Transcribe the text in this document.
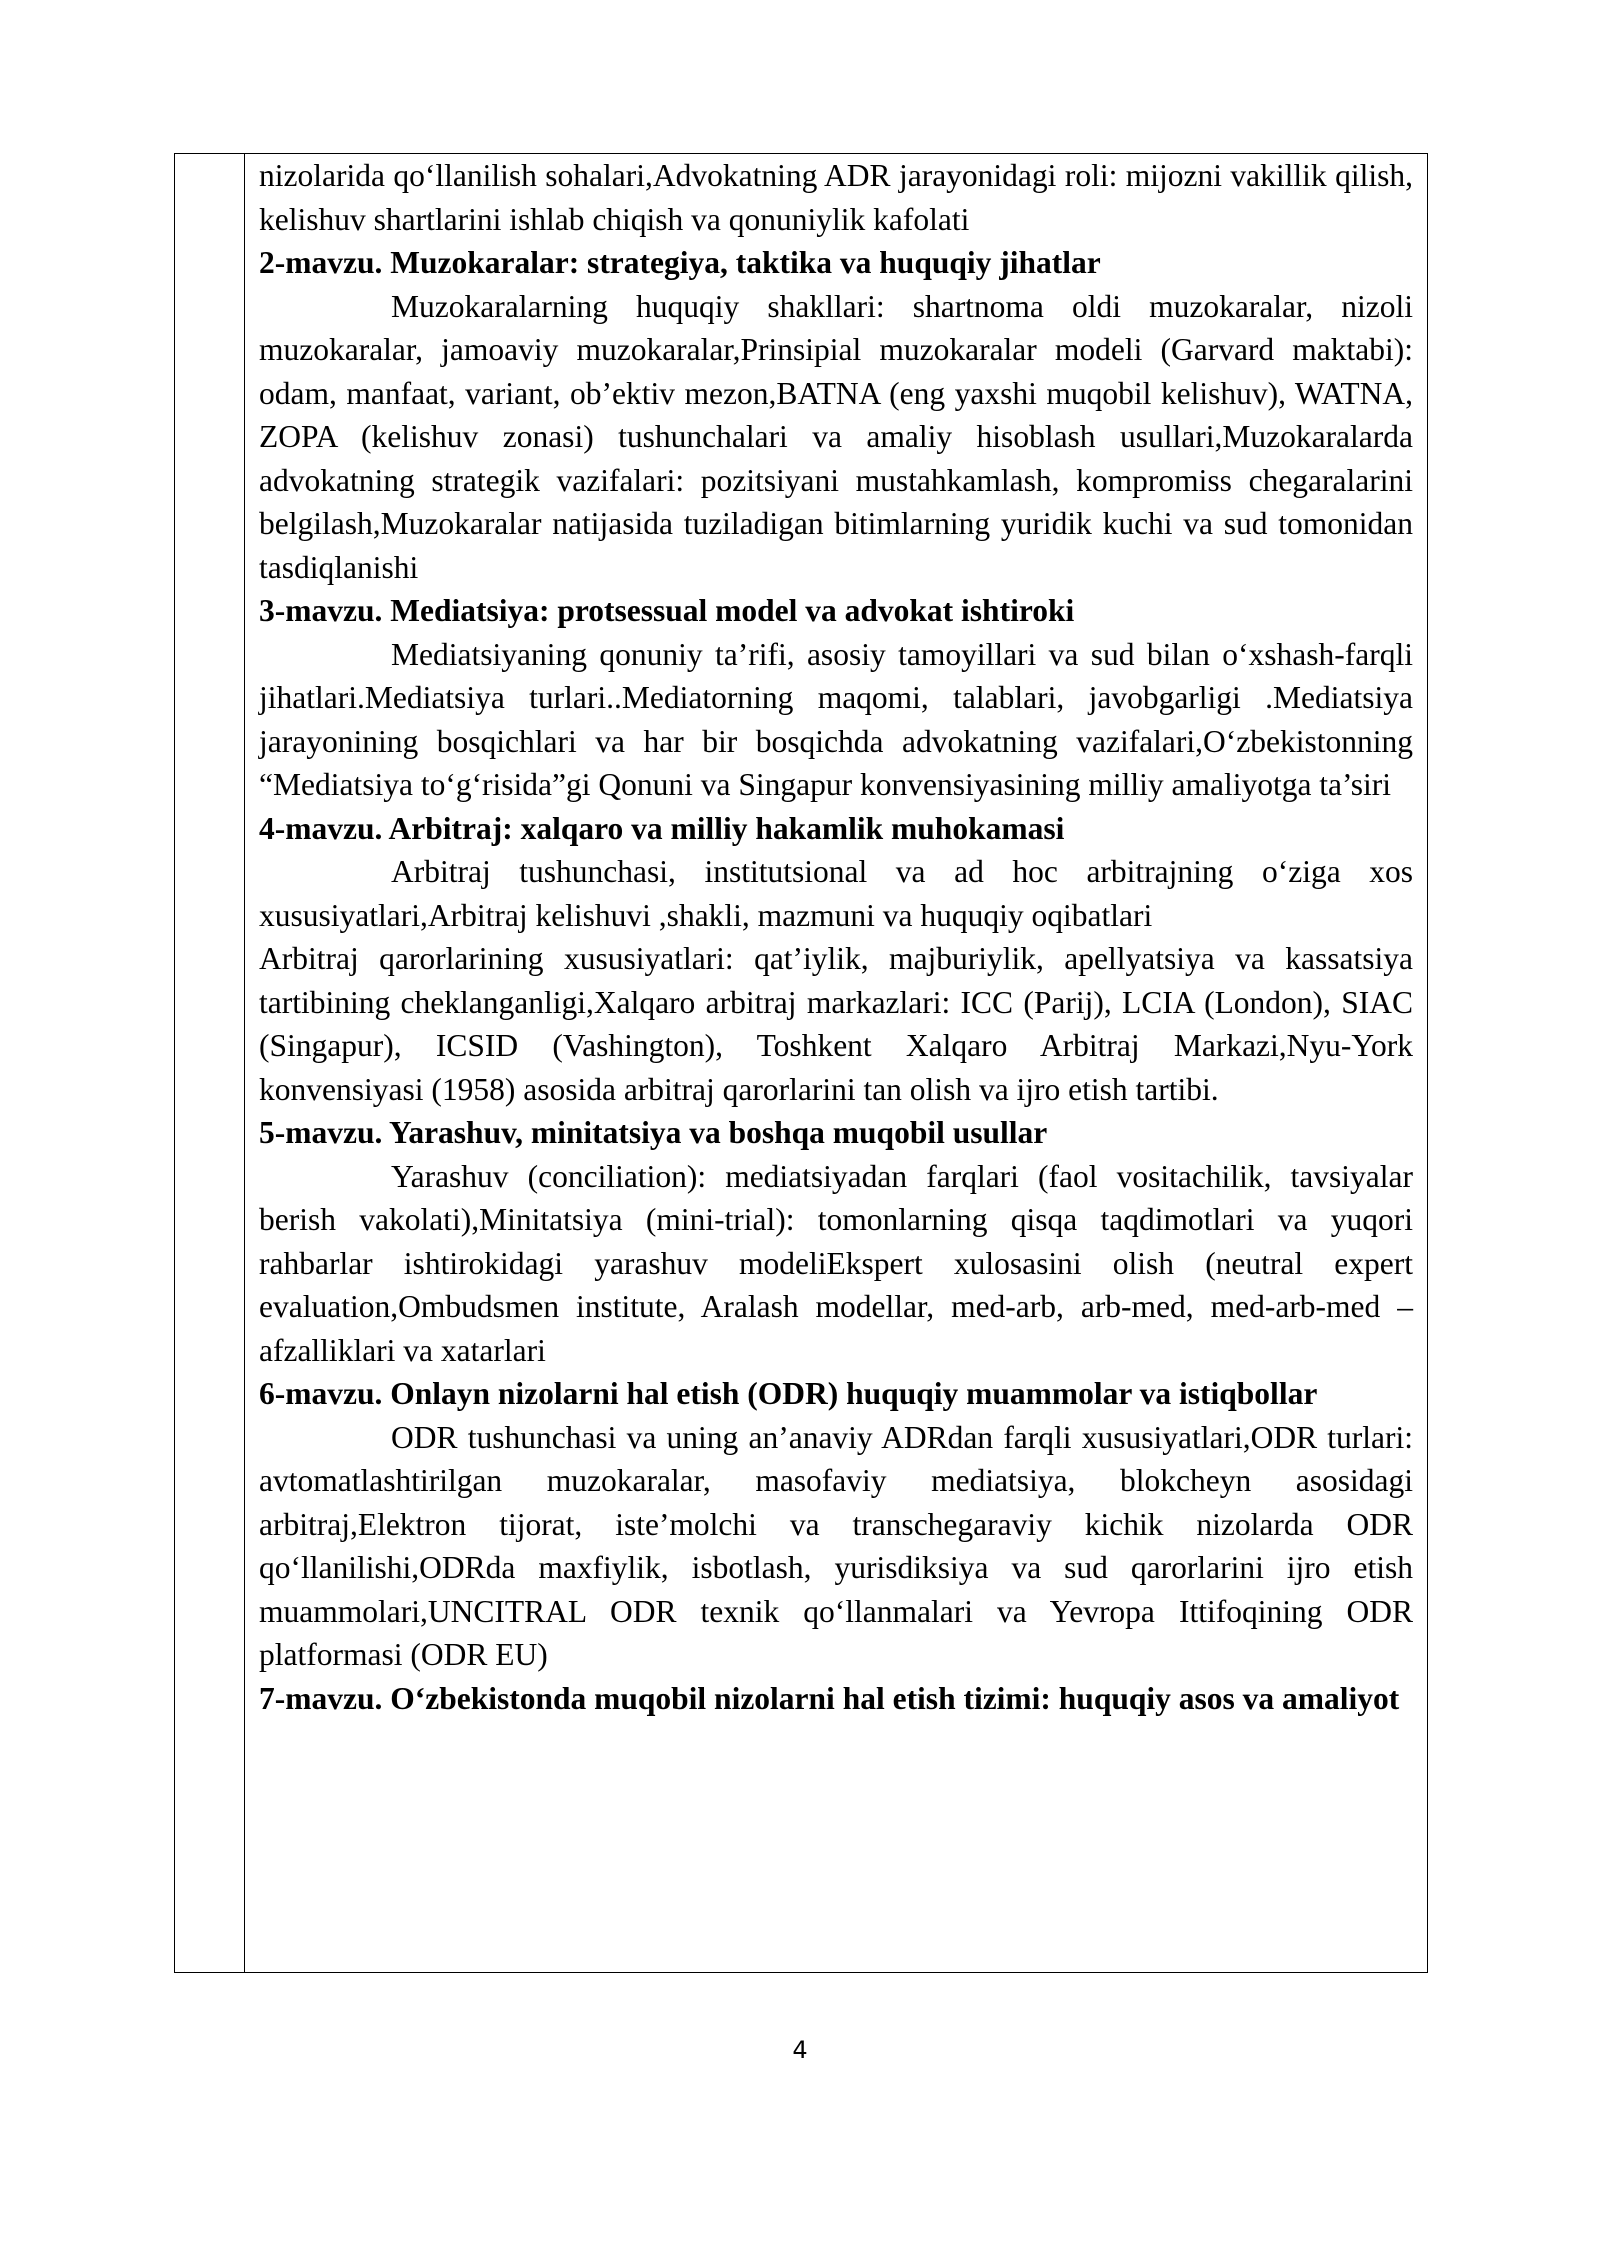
nizolarida qo‘llanilish sohalari,Advokatning ADR jarayonidagi roli: mijozni vakillik qilish, kelishuv shartlarini ishlab chiqish va qonuniylik kafolati

2-mavzu. Muzokaralar: strategiya, taktika va huquqiy jihatlar

Muzokaralarning huquqiy shakllari: shartnoma oldi muzokaralar, nizoli muzokaralar, jamoaviy muzokaralar,Prinsipial muzokaralar modeli (Garvard maktabi): odam, manfaat, variant, ob’ektiv mezon,BATNA (eng yaxshi muqobil kelishuv), WATNA, ZOPA (kelishuv zonasi) tushunchalari va amaliy hisoblash usullari,Muzokaralarda advokatning strategik vazifalari: pozitsiyani mustahkamlash, kompromiss chegaralarini belgilash,Muzokaralar natijasida tuziladigan bitimlarning yuridik kuchi va sud tomonidan tasdiqlanishi

3-mavzu. Mediatsiya: protsessual model va advokat ishtiroki

Mediatsiyaning qonuniy ta’rifi, asosiy tamoyillari va sud bilan o‘xshash-farqli jihatlari.Mediatsiya turlari..Mediatorning maqomi, talablari, javobgarligi .Mediatsiya jarayonining bosqichlari va har bir bosqichda advokatning vazifalari,O‘zbekistonning “Mediatsiya to‘g‘risida”gi Qonuni va Singapur konvensiyasining milliy amaliyotga ta’siri

4-mavzu. Arbitraj: xalqaro va milliy hakamlik muhokamasi

Arbitraj tushunchasi, institutsional va ad hoc arbitrajning o‘ziga xos xususiyatlari,Arbitraj kelishuvi ,shakli, mazmuni va huquqiy oqibatlari

Arbitraj qarorlarining xususiyatlari: qat’iylik, majburiylik, apellyatsiya va kassatsiya tartibining cheklanganligi,Xalqaro arbitraj markazlari: ICC (Parij), LCIA (London), SIAC (Singapur), ICSID (Vashington), Toshkent Xalqaro Arbitraj Markazi,Nyu-York konvensiyasi (1958) asosida arbitraj qarorlarini tan olish va ijro etish tartibi.

5-mavzu. Yarashuv, minitatsiya va boshqa muqobil usullar

Yarashuv (conciliation): mediatsiyadan farqlari (faol vositachilik, tavsiyalar berish vakolati),Minitatsiya (mini-trial): tomonlarning qisqa taqdimotlari va yuqori rahbarlar ishtirokidagi yarashuv modeliEkspert xulosasini olish (neutral expert evaluation,Ombudsmen institute, Aralash modellar, med-arb, arb-med, med-arb-med – afzalliklari va xatarlari

6-mavzu. Onlayn nizolarni hal etish (ODR) huquqiy muammolar va istiqbollar

ODR tushunchasi va uning an’anaviy ADRdan farqli xususiyatlari,ODR turlari: avtomatlashtirilgan muzokaralar, masofaviy mediatsiya, blokcheyn asosidagi arbitraj,Elektron tijorat, iste’molchi va transchegaraviy kichik nizolarda ODR qo‘llanilishi,ODRda maxfiylik, isbotlash, yurisdiksiya va sud qarorlarini ijro etish muammolari,UNCITRAL ODR texnik qo‘llanmalari va Yevropa Ittifoqining ODR platformasi (ODR EU)

7-mavzu. O‘zbekistonda muqobil nizolarni hal etish tizimi: huquqiy asos va amaliyot

4
